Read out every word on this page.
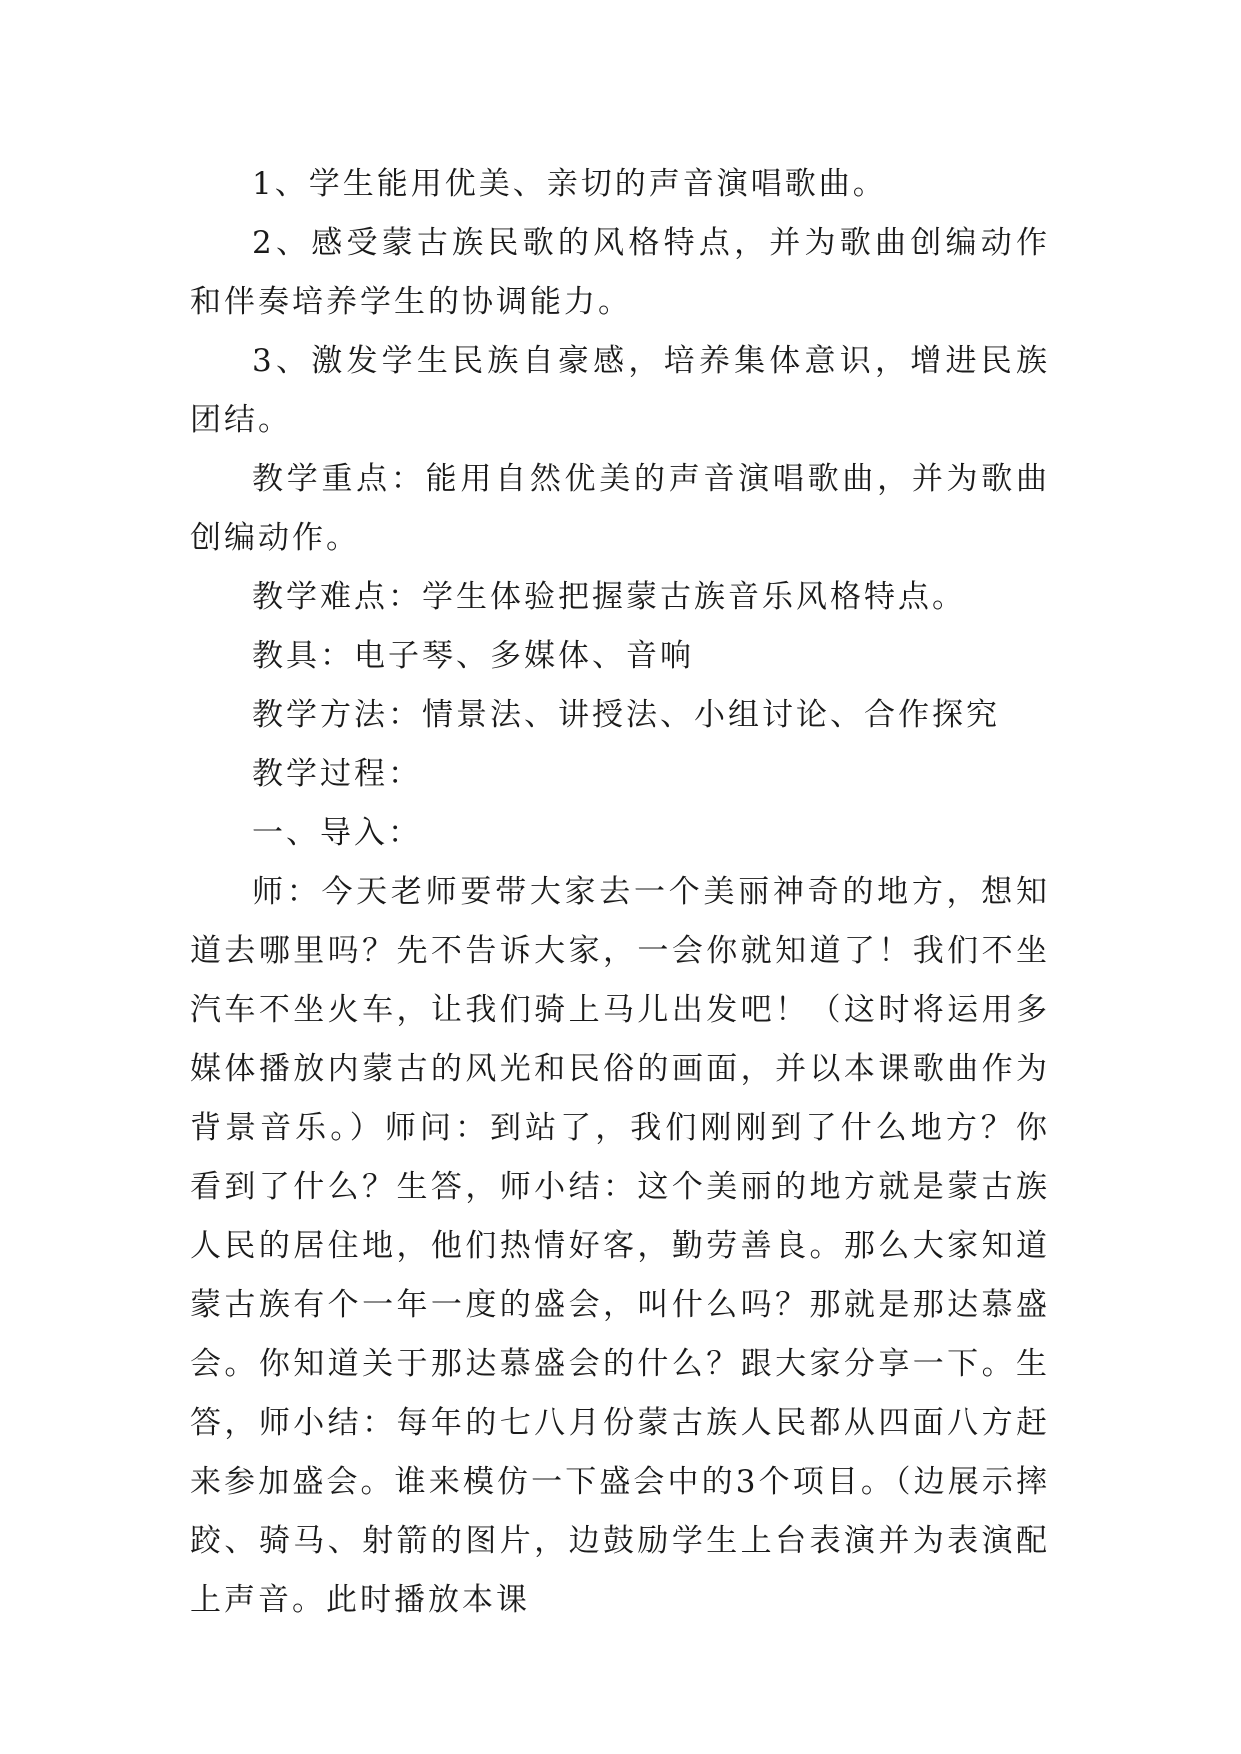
1、学生能用优美、亲切的声音演唱歌曲。

2、感受蒙古族民歌的风格特点，并为歌曲创编动作和伴奏培养学生的协调能力。

3、激发学生民族自豪感，培养集体意识，增进民族团结。

教学重点：能用自然优美的声音演唱歌曲，并为歌曲创编动作。

教学难点：学生体验把握蒙古族音乐风格特点。

教具：电子琴、多媒体、音响

教学方法：情景法、讲授法、小组讨论、合作探究

教学过程：

一、导入：

师：今天老师要带大家去一个美丽神奇的地方，想知道去哪里吗？先不告诉大家，一会你就知道了！我们不坐汽车不坐火车，让我们骑上马儿出发吧！（这时将运用多媒体播放内蒙古的风光和民俗的画面，并以本课歌曲作为背景音乐。）师问：到站了，我们刚刚到了什么地方？你看到了什么？生答，师小结：这个美丽的地方就是蒙古族人民的居住地，他们热情好客，勤劳善良。那么大家知道蒙古族有个一年一度的盛会，叫什么吗？那就是那达慕盛会。你知道关于那达慕盛会的什么？跟大家分享一下。生答，师小结：每年的七八月份蒙古族人民都从四面八方赶来参加盛会。谁来模仿一下盛会中的3个项目。（边展示摔跤、骑马、射箭的图片，边鼓励学生上台表演并为表演配上声音。此时播放本课
